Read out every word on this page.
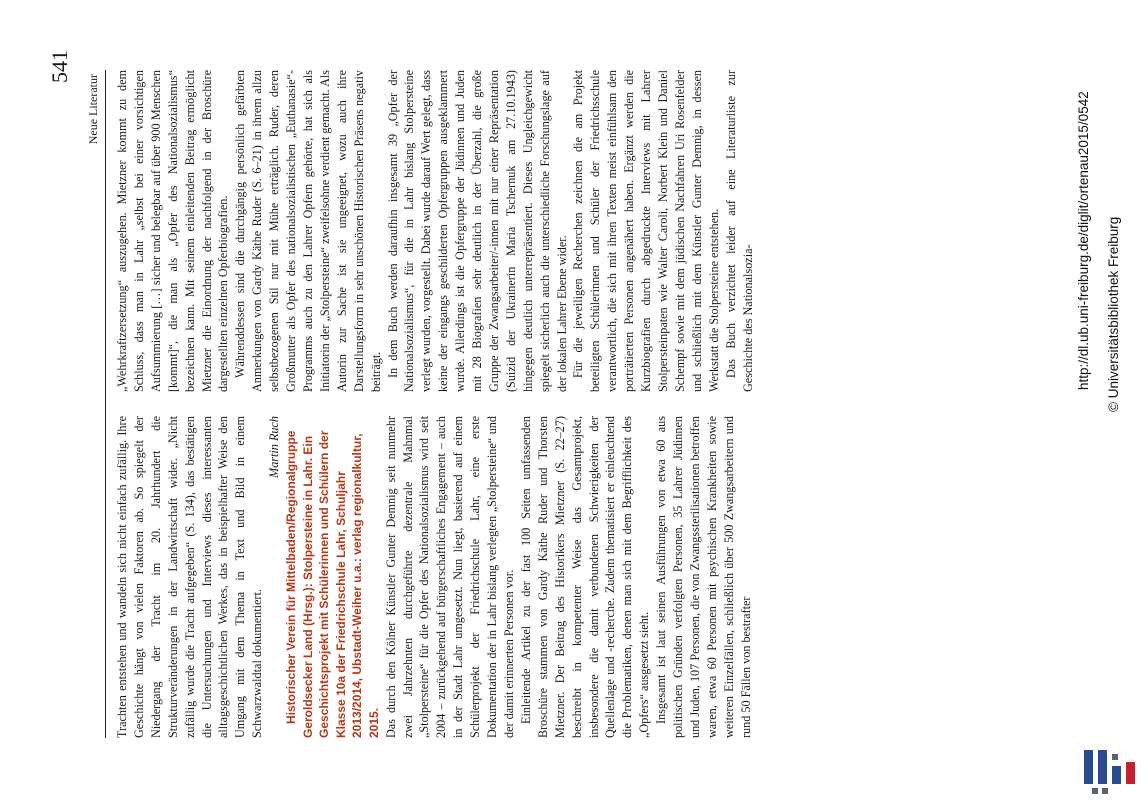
Neue Literatur
541

Trachten entstehen und wandeln sich nicht einfach zufällig. Ihre Geschichte hängt von vielen Faktoren ab. So spiegelt der Niedergang der Tracht im 20. Jahrhundert die Strukturveränderungen in der Landwirtschaft wider. „Nicht zufällig wurde die Tracht aufgegeben“ (S. 134), das bestätigen die Untersuchungen und Interviews dieses interessanten alltagsgeschichtlichen Werkes, das in beispielhafter Weise den Umgang mit dem Thema in Text und Bild in einem Schwarzwaldtal dokumentiert.

Martin Ruch Historischer Verein für Mittelbaden/Regionalgruppe Geroldsecker Land (Hrsg.): Stolpersteine in Lahr. Ein Geschichtsprojekt mit Schülerinnen und Schülern der Klasse 10a der Friedrichschule Lahr, Schuljahr 2013/2014, Ubstadt-Weiher u.a.: verlag regionalkultur, 2015. Das durch den Kölner Künstler Gunter Demnig seit nunmehr zwei Jahrzehnten durchgeführte dezentrale Mahnmal „Stolpersteine“ für die Opfer des Nationalsozialismus wird seit 2004 – zurückgehend auf bürgerschaftliches Engagement – auch in der Stadt Lahr umgesetzt. Nun liegt, basierend auf einem Schülerprojekt der Friedrichschule Lahr, eine erste Dokumentation der in Lahr bislang verlegten „Stolpersteine“ und der damit erinnerten Personen vor. Einleitende Artikel zu der fast 100 Seiten umfassenden Broschüre stammen von Gardy Käthe Ruder und Thorsten Mietzner. Der Beitrag des Historikers Mietzner (S. 22–27) beschreibt in kompetenter Weise das Gesamtprojekt, insbesondere die damit verbundenen Schwierigkeiten der Quellenlage und -recherche. Zudem thematisiert er einleuchtend die Problematiken, denen man sich mit dem Begrifflichkeit des „Opfers“ ausgesetzt sieht. Insgesamt ist laut seinen Ausführungen von etwa 60 aus politischen Gründen verfolgten Personen, 35 Lahrer Jüdinnen und Juden, 107 Personen, die von Zwangssterilisationen betroffen waren, etwa 60 Personen mit psychischen Krankheiten sowie weiteren Einzelfällen, schließlich über 500 Zwangsarbeitern und rund 50 Fällen von bestrafter

„Wehrkraftzersetzung“ auszugehen. Mietzner kommt zu dem Schluss, dass man in Lahr „selbst bei einer vorsichtigen Aufsummierung […] sicher und belegbar auf über 900 Menschen [kommt]“, die man als „Opfer des Nationalsozialismus“ bezeichnen kann. Mit seinem einleitenden Beitrag ermöglicht Mietzner die Einordnung der nachfolgend in der Broschüre dargestellten einzelnen Opferbiografien. Währenddessen sind die durchgängig persönlich gefärbten Anmerkungen von Gardy Käthe Ruder (S. 6–21) in ihrem allzu selbstbezogenen Stil nur mit Mühe erträglich. Ruder, deren Großmutter als Opfer des nationalsozialistischen „Euthanasie“-Programms auch zu den Lahrer Opfern gehörte, hat sich als Initiatorin der „Stolpersteine“ zweifelsohne verdient gemacht. Als Autorin zur Sache ist sie ungeeignet, wozu auch ihre Darstellungsform in sehr unschönen Historischen Präsens negativ beiträgt. In dem Buch werden daraufhin insgesamt 39 „Opfer der Nationalsozialismus“, für die in Lahr bislang Stolpersteine verlegt wurden, vorgestellt. Dabei wurde darauf Wert gelegt, dass keine der eingangs geschilderten Opfergruppen ausgeklammert wurde. Allerdings ist die Opfergruppe der Jüdinnen und Juden mit 28 Biografien sehr deutlich in der Überzahl, die große Gruppe der Zwangsarbeiter/-innen mit nur einer Repräsentation (Suizid der Ukrainerin Maria Tschernuk am 27.10.1943) hingegen deutlich unterrepräsentiert. Dieses Ungleichgewicht spiegelt sicherlich auch die unterschiedliche Forschungslage auf der lokalen Lahrer Ebene wider. Für die jeweiligen Recherchen zeichnen die am Projekt beteiligten Schülerinnen und Schüler der Friedrichsschule verantwortlich, die sich mit ihren Texten meist einfühlsam den porträtierten Personen angenähert haben. Ergänzt werden die Kurzbiografien durch abgedruckte Interviews mit Lahrer Stolpersteinpaten wie Walter Caroli, Norbert Klein und Daniel Schempf sowie mit dem jüdischen Nachfahren Uri Rosenfelder und schließlich mit dem Künstler Gunter Demnig, in dessen Werkstatt die Stolpersteine entstehen. Das Buch verzichtet leider auf eine Literaturliste zur Geschichte des Nationalsozia-	http://dl.ub.uni-freiburg.de/diglit/ortenau2015/0542 © Universitätsbibliothek Freiburg
